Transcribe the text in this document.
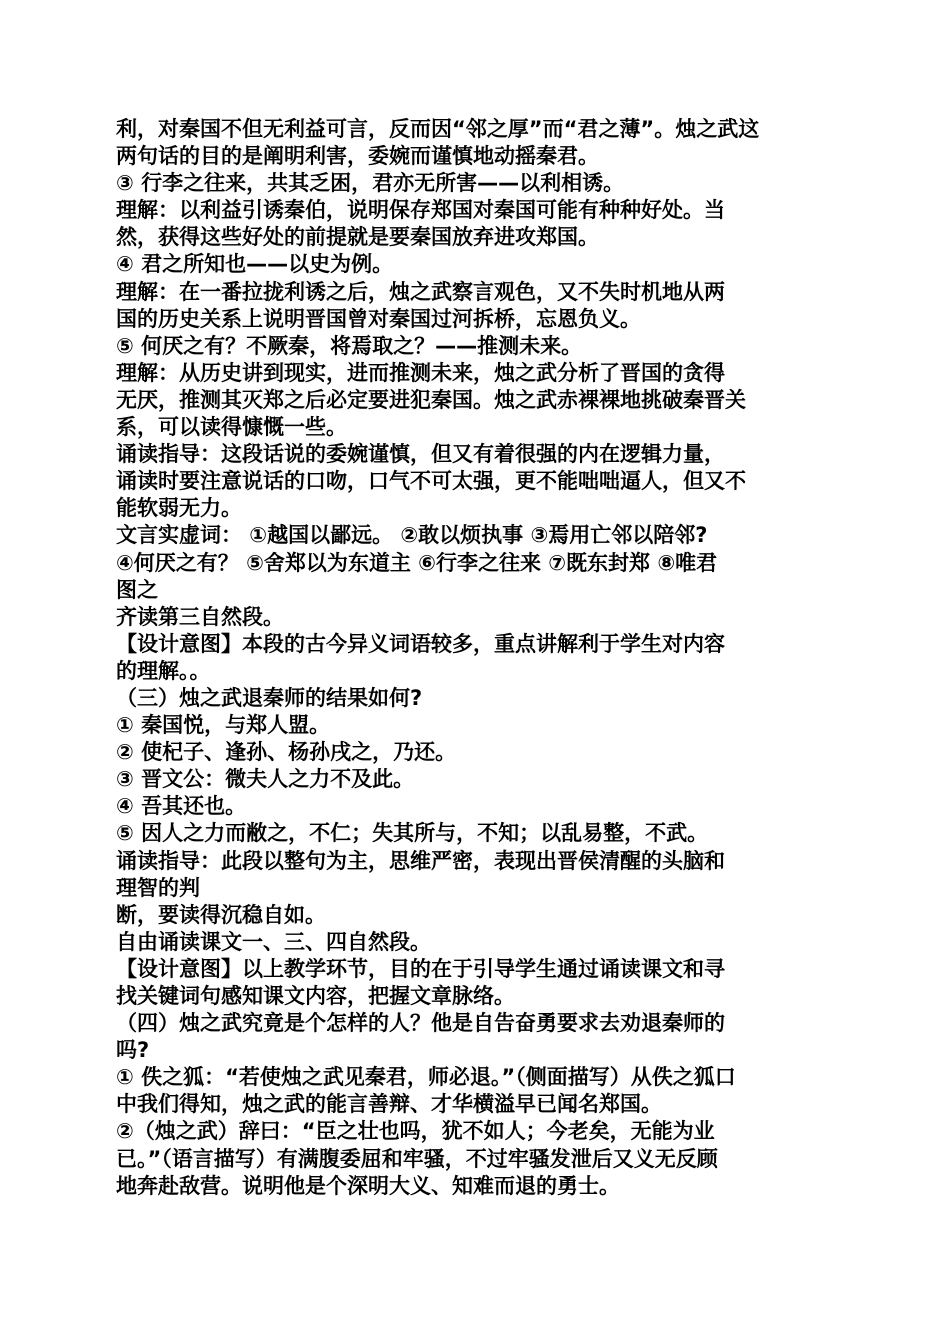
利，对秦国不但无利益可言，反而因“邻之厚”而“君之薄”。烛之武这
两句话的目的是阐明利害，委婉而谨慎地动摇秦君。
③ 行李之往来，共其乏困，君亦无所害——以利相诱。
理解：以利益引诱秦伯，说明保存郑国对秦国可能有种种好处。当
然，获得这些好处的前提就是要秦国放弃进攻郑国。
④ 君之所知也——以史为例。
理解：在一番拉拢利诱之后，烛之武察言观色，又不失时机地从两
国的历史关系上说明晋国曾对秦国过河拆桥，忘恩负义。
⑤ 何厌之有？不厥秦，将焉取之？——推测未来。
理解：从历史讲到现实，进而推测未来，烛之武分析了晋国的贪得
无厌，推测其灭郑之后必定要进犯秦国。烛之武赤裸裸地挑破秦晋关
系，可以读得慷慨一些。
诵读指导：这段话说的委婉谨慎，但又有着很强的内在逻辑力量，
诵读时要注意说话的口吻，口气不可太强，更不能咄咄逼人，但又不
能软弱无力。
文言实虚词： ①越国以鄙远。 ②敢以烦执事 ③焉用亡邻以陪邻?
④何厌之有？ ⑤舍郑以为东道主 ⑥行李之往来 ⑦既东封郑 ⑧唯君
图之
齐读第三自然段。
【设计意图】本段的古今异义词语较多，重点讲解利于学生对内容
的理解。。
（三）烛之武退秦师的结果如何?
① 秦国悦，与郑人盟。
② 使杞子、逢孙、杨孙戌之，乃还。
③ 晋文公：微夫人之力不及此。
④ 吾其还也。
⑤ 因人之力而敝之，不仁；失其所与，不知；以乱易整，不武。
诵读指导：此段以整句为主，思维严密，表现出晋侯清醒的头脑和
理智的判
断，要读得沉稳自如。
自由诵读课文一、三、四自然段。
【设计意图】以上教学环节，目的在于引导学生通过诵读课文和寻
找关键词句感知课文内容，把握文章脉络。
（四）烛之武究竟是个怎样的人？他是自告奋勇要求去劝退秦师的
吗?
① 佚之狐：“若使烛之武见秦君，师必退。”（侧面描写）从佚之狐口
中我们得知，烛之武的能言善辩、才华横溢早已闻名郑国。
②（烛之武）辞曰：“臣之壮也吗，犹不如人；今老矣，无能为业
已。”（语言描写）有满腹委屈和牢骚，不过牢骚发泄后又义无反顾
地奔赴敌营。说明他是个深明大义、知难而退的勇士。
